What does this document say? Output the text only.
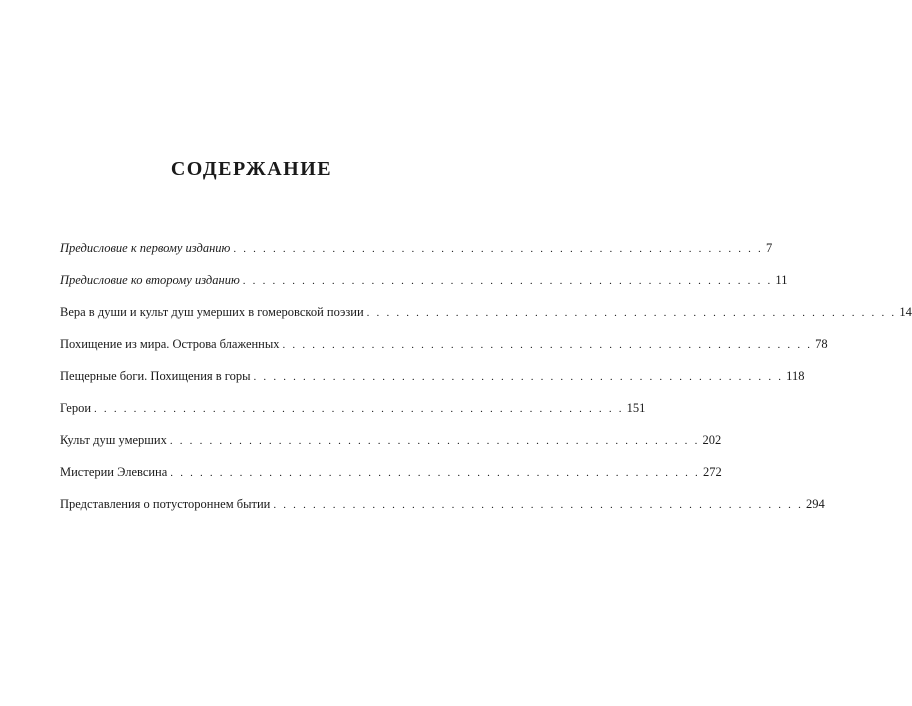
СОДЕРЖАНИЕ
Предисловие к первому изданию . . . . . . . . . . . . . . . . . . . . . . . . . . . . . . . . . . . . . . . . . . . . . . . . . . . . . . 7
Предисловие ко второму изданию . . . . . . . . . . . . . . . . . . . . . . . . . . . . . . . . . . . . . . . . . . . . . . . . . . . . . . 11
Вера в души и культ душ умерших в гомеровской поэзии . . . . . . . . . . . . . . . . . . . . . . . . . . . . . . . . . . . . . . . . . . . . . . . . . . . . . . 14
Похищение из мира. Острова блаженных . . . . . . . . . . . . . . . . . . . . . . . . . . . . . . . . . . . . . . . . . . . . . . . . . . . . . . 78
Пещерные боги. Похищения в горы . . . . . . . . . . . . . . . . . . . . . . . . . . . . . . . . . . . . . . . . . . . . . . . . . . . . . . 118
Герои . . . . . . . . . . . . . . . . . . . . . . . . . . . . . . . . . . . . . . . . . . . . . . . . . . . . . . 151
Культ душ умерших . . . . . . . . . . . . . . . . . . . . . . . . . . . . . . . . . . . . . . . . . . . . . . . . . . . . . . 202
Мистерии Элевсина . . . . . . . . . . . . . . . . . . . . . . . . . . . . . . . . . . . . . . . . . . . . . . . . . . . . . . 272
Представления о потустороннем бытии . . . . . . . . . . . . . . . . . . . . . . . . . . . . . . . . . . . . . . . . . . . . . . . . . . . . . . 294
